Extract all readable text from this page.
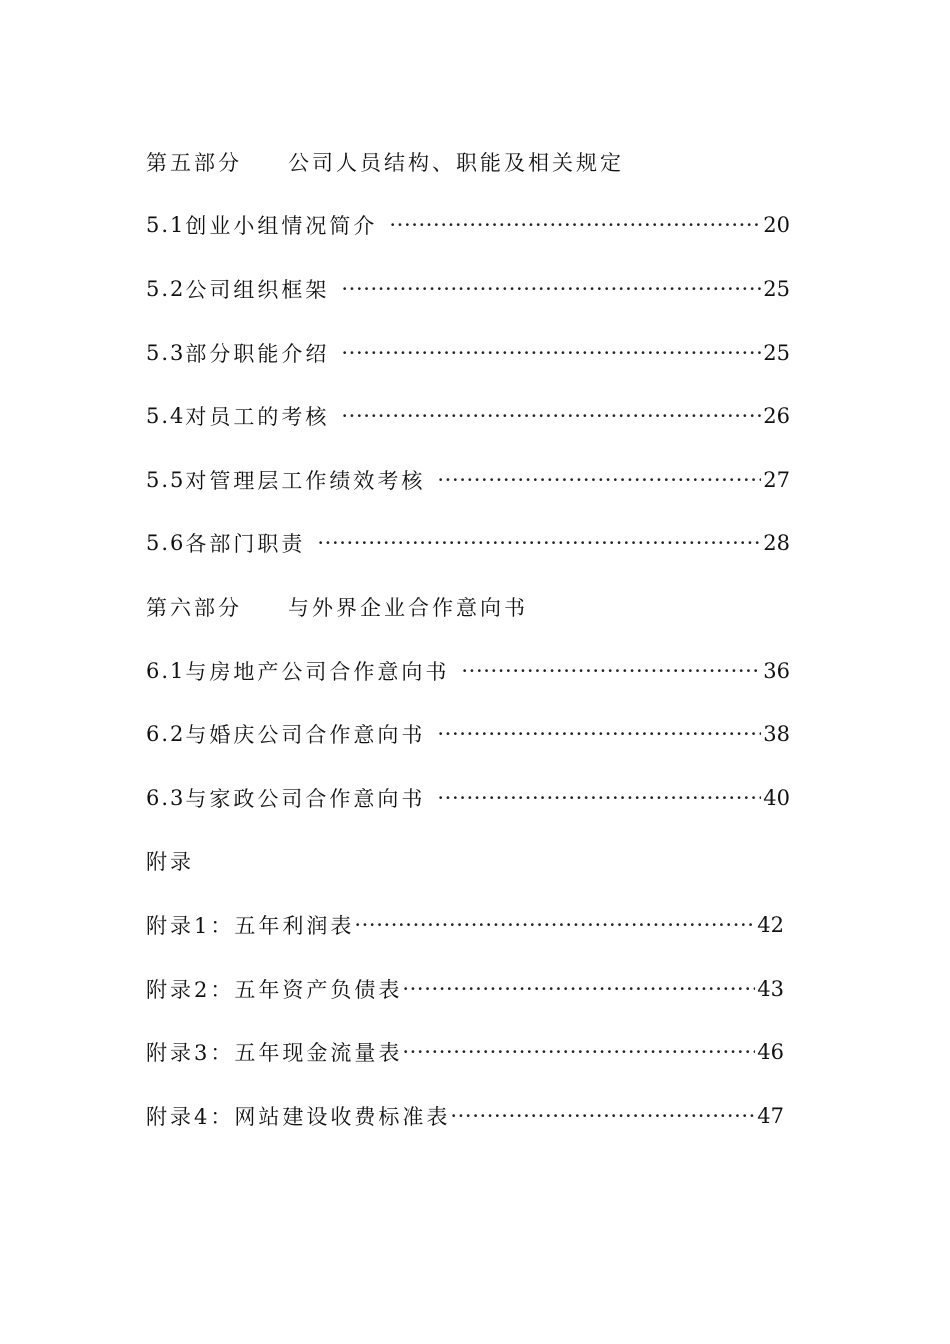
第五部分 公司人员结构、职能及相关规定
5.1 创业小组情况简介 ·····	20
5.2 公司组织框架 ·····	25
5.3 部分职能介绍 ·····	25
5.4 对员工的考核 ·····	26
5.5 对管理层工作绩效考核 ·····	27
5.6 各部门职责 ·····	28
第六部分 与外界企业合作意向书
6.1 与房地产公司合作意向书 ·····	36
6.2 与婚庆公司合作意向书 ·····	38
6.3 与家政公司合作意向书 ·····	40
附录
附录1：五年利润表 ·····	42
附录2：五年资产负债表 ·····	43
附录3：五年现金流量表 ·····	46
附录4：网站建设收费标准表 ·····	47
